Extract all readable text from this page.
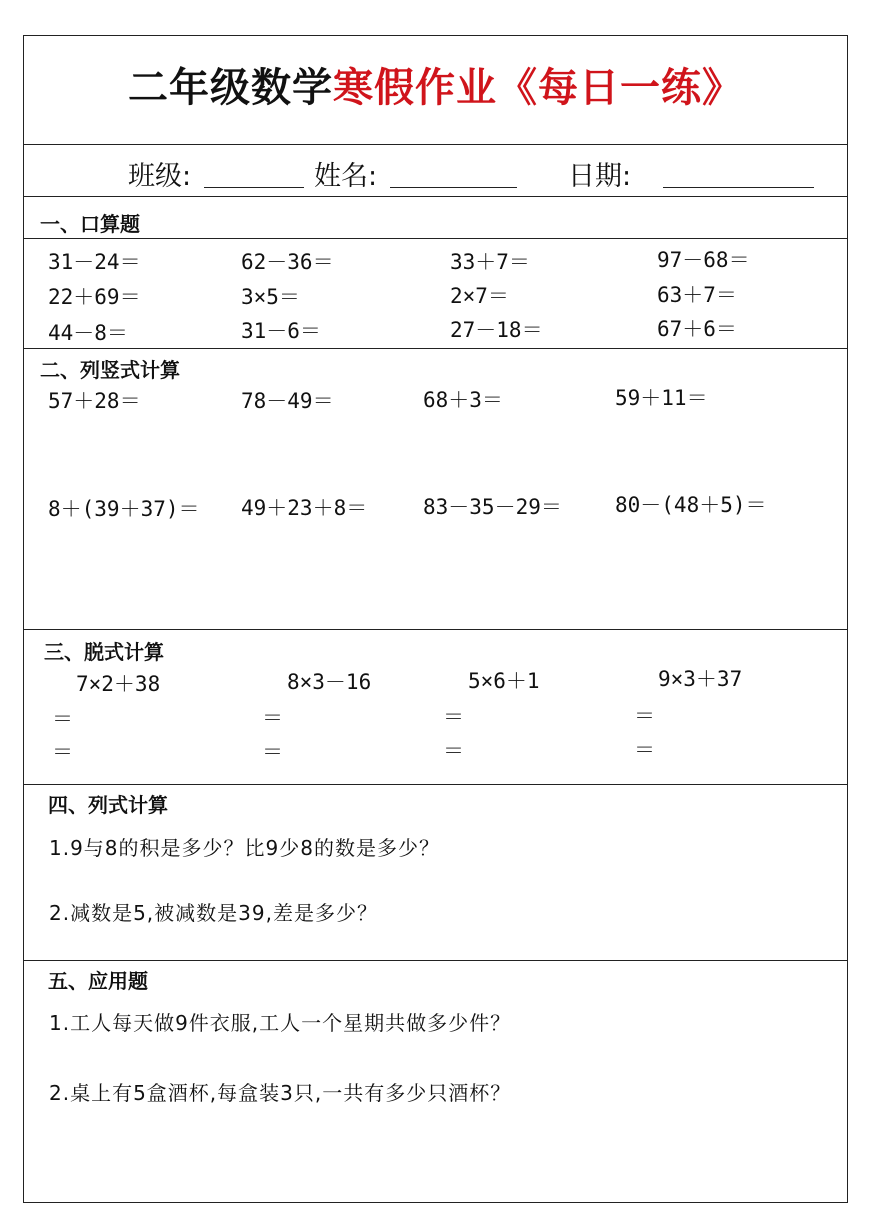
二年级数学寒假作业《每日一练》
班级:	姓名:	日期:
一、口算题
31－24＝	62－36＝	33＋7＝	97－68＝
22＋69＝	3×5＝	2×7＝	63＋7＝
44－8＝	31－6＝	27－18＝	67＋6＝
二、列竖式计算
57＋28＝	78－49＝	68＋3＝	59＋11＝
8＋(39＋37)＝ 49＋23＋8＝	83－35－29＝	80－(48＋5)＝
三、脱式计算
7×2＋38	8×3－16	5×6＋1	9×3＋37
＝	＝	＝	＝
＝	＝	＝	＝
四、列式计算
1.9与8的积是多少？比9少8的数是多少？
2.减数是5,被减数是39,差是多少？
五、应用题
1.工人每天做9件衣服,工人一个星期共做多少件？
2.桌上有5盒酒杯,每盒装3只,一共有多少只酒杯？
